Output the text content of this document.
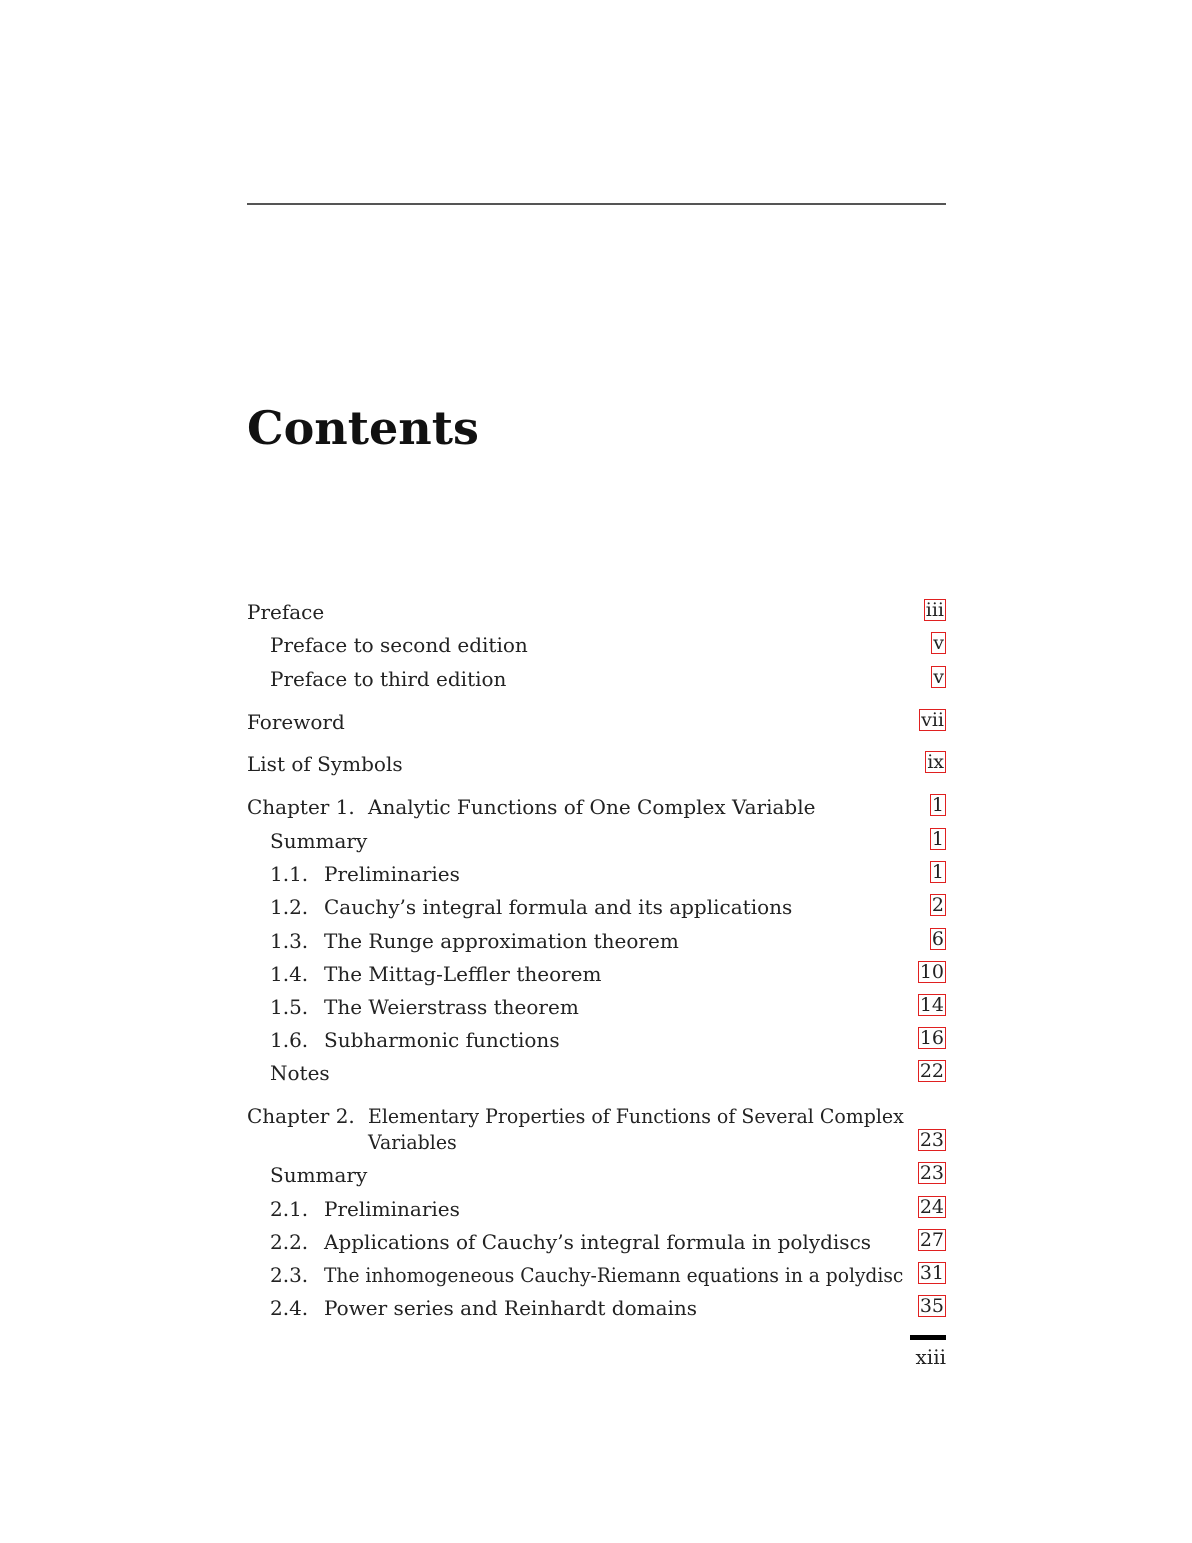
Contents
Preface	iii
Preface to second edition	v
Preface to third edition	v
Foreword	vii
List of Symbols	ix
Chapter 1. Analytic Functions of One Complex Variable	1
Summary	1
1.1. Preliminaries	1
1.2. Cauchy’s integral formula and its applications	2
1.3. The Runge approximation theorem	6
1.4. The Mittag-Leffler theorem	10
1.5. The Weierstrass theorem	14
1.6. Subharmonic functions	16
Notes	22
Chapter 2. Elementary Properties of Functions of Several Complex
Variables	23
Summary	23
2.1. Preliminaries	24
2.2. Applications of Cauchy’s integral formula in polydiscs	27
2.3. The inhomogeneous Cauchy-Riemann equations in a polydisc 31
2.4. Power series and Reinhardt domains	35
xiii
